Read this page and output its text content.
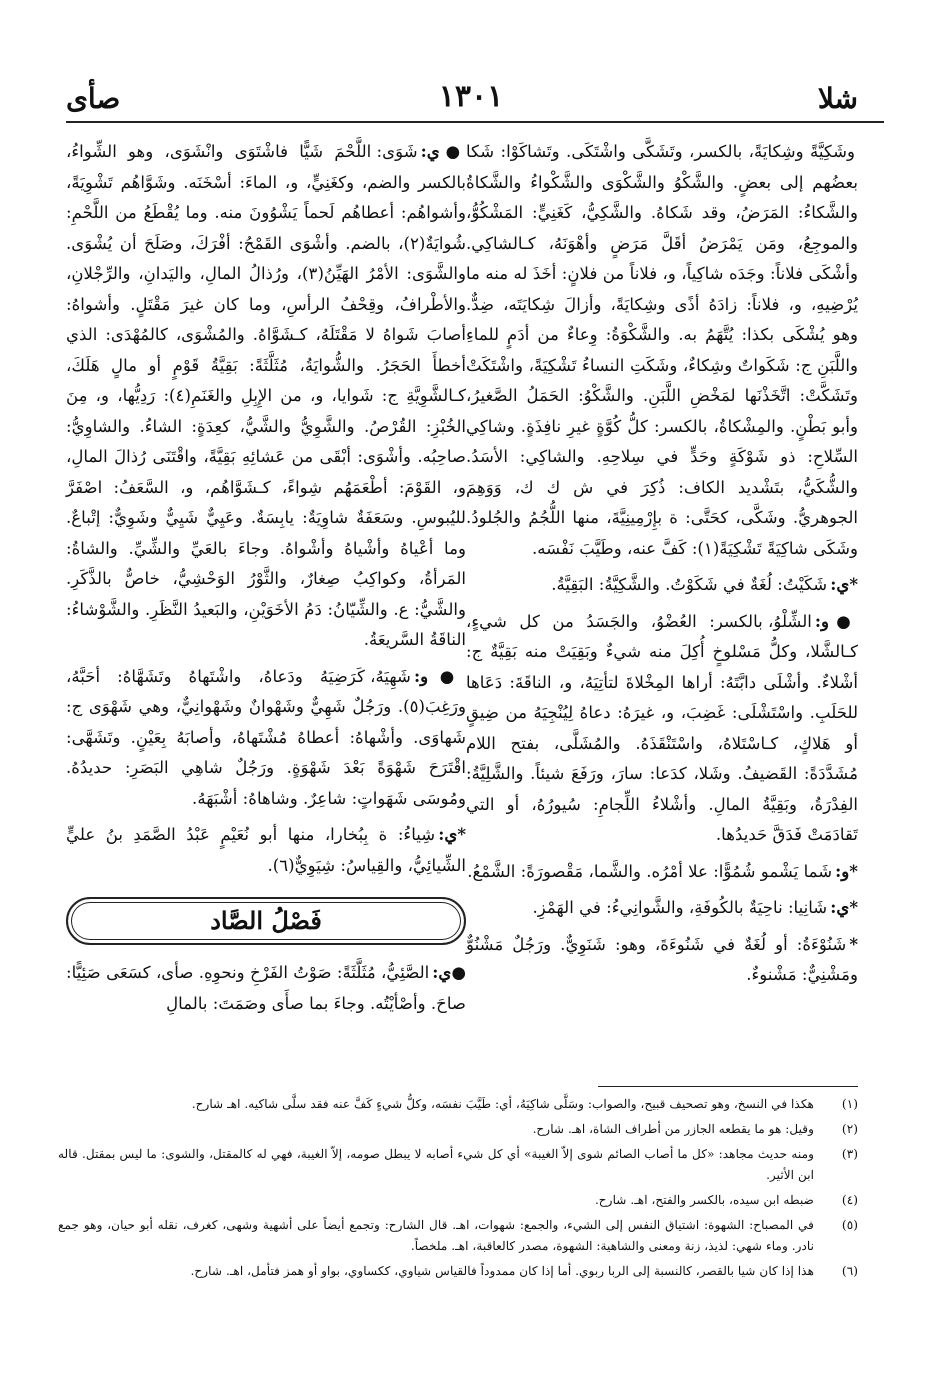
شلا
١٣٠١
صأى

وشَكِيَّةً وشِكايَةً، بالكسر، وتَشَكَّى واشْتَكَى. وتَشاكَوْا: شَكا بعضُهم إلى بعضٍ. والشَّكْوُ والشَّكْوَى والشَّكْواءُ والشَّكاةُ والشَّكاءُ: المَرَضُ، وقد شَكاهُ. والشَّكِيُّ، كَغَنِيٍّ: المَشْكُوُّ، والموجِعُ، ومَن يَمْرَضُ أقَلَّ مَرَضٍ وأهْوَنَهُ، كـالشاكِي. وأشْكَى فلاناً: وجَدَه شاكِياً، و، فلاناً من فلانٍ: أخَذَ له منه ما يُرْضِيهِ، و، فلاناً: زادَهُ أذًى وشِكايَةً، وأزالَ شِكايَتَه، ضِدٌّ. وهو يُشْكَى بكذا: يُتَّهَمُ به. والشَّكْوَةُ: وِعاءٌ من أدَمٍ للماءِ واللَّبَنِ ج: شَكَواتٌ وشِكاءٌ، وشَكَتِ النساءُ تَشْكِيَةً، واشْتَكَتْ وتَشَكَّتْ: اتَّخَذْنَها لمَخْضِ اللَّبَنِ. والشَّكْوُ: الحَمَلُ الصَّغيرُ، وأبو بَطْنٍ. والمِشْكاةُ، بالكسر: كلُّ كُوَّةٍ غيرِ نافِذَةٍ. وشاكِي السِّلاحِ: ذو شَوْكَةٍ وحَدٍّ في سِلاحِهِ. والشاكِي: الأسَدُ. والشُّكَيُّ، بتَشْديد الكاف: ذُكِرَ في ش ك ك، وَوَهِمَ الجوهريُّ. وشَكَّى، كحَتَّى: ة بإِرْمِينِيَّةَ، منها اللُّجُمُ والجُلودُ. وشَكَى شاكِيَةً تَشْكِيَةً(١): كَفَّ عنه، وطَيَّبَ نَفْسَه.

*ي:شَكَيْتُ: لُغَةٌ في شَكَوْتُ. والشَّكِيَّةُ: البَقِيَّةُ.

●و:الشِّلْوُ، بالكسر: العُضْوُ، والجَسَدُ من كل شيءٍ، كـالشَّلا، وكلُّ مَسْلوخٍ أُكِلَ منه شيءٌ وبَقِيَتْ منه بَقِيَّةٌ ج: أشْلاءٌ. وأشْلَى دابَّتَهُ: أراها المِخْلاةَ لتأتِيَهُ، و، الناقَةَ: دَعَاها للحَلَبِ. واسْتَشْلَى: غَضِبَ، و، غيرَهُ: دعاهُ لِيُنْجِيَهُ من ضِيقٍ أو هَلاكٍ، كـاسْتَلاهُ، واسْتَنْقَذَهُ. والمُشَلَّى، بفتح اللام مُشَدَّدَةً: القَضيفُ. وشَلا، كدَعا: سارَ، ورَفَعَ شيئاً. والشَّلِيَّةُ: الفِدْرَةُ، وبَقِيَّةُ المالِ. وأشْلاءُ اللِّجامِ: سُيورُهُ، أو التي تَقادَمَتْ فَدَقَّ حَديدُها.

*و:شَما يَشْمو شُمُوًّا: علا أمْرُه. والشَّما، مَقْصورَةً: الشَّمْعُ.

*ي:شَانِيا: ناحِيَةٌ بالكُوفَةِ، والشَّوانِيءُ: في الهَمْزِ.

*شَنُوْءَةُ: أو لُغَةٌ في شَنُوءَةَ، وهو: شَنَوِيٌّ. ورَجُلٌ مَشْنُوٌّ ومَشْنِيٌّ: مَشْنوءٌ.

●ي:شَوَى: اللَّحْمَ شَيًّا فاشْتَوَى وانْشَوَى، وهو الشِّواءُ، بالكسر والضم، وكغَنِيٍّ، و، الماءَ: أسْخَنَه. وشَوَّاهُم تَشْوِيَةً، وأشواهُم: أعطاهُم لَحماً يَشْوُونَ منه. وما يُقْطَعُ من اللَّحْمِ: شُوايَةٌ(٢)، بالضم. وأشْوَى القَمْحُ: أفْرَكَ، وصَلَحَ أن يُشْوَى. والشَّوَى: الأمْرُ الهَيِّنُ(٣)، ورُذالُ المالِ، واليَدانِ، والرِّجْلانِ، والأطْرافُ، وقِحْفُ الرأسِ، وما كان غيرَ مَقْتَلٍ. وأشواهُ: أصابَ شَواهُ لا مَقْتَلَهُ، كـشَوَّاهُ. والمُشْوَى، كالمُهْدَى: الذي أخطأَ الحَجَرُ. والشُّوايَةُ، مُثَلَّثَةً: بَقِيَّةُ قَوْمٍ أو مالٍ هَلَكَ، كـالشَّوِيَّةِ ج: شَوايا، و، من الإِبِلِ والغَنَمِ(٤): رَدِيُّها، و، مِنَ الخُبْزِ: القُرْصُ. والشَّوِيُّ والشَّيُّ، كعِدَةٍ: الشاءُ. والشاوِيُّ: صاحِبُه. وأشْوَى: أبْقَى من عَشائِهِ بَقِيَّةً، واقْتَنَى رُذالَ المالِ، و، القَوْمَ: أطْعَمَهُم شِواءً، كـشَوَّاهُم، و، السَّعَفُ: اصْفَرَّ لليُبوسِ. وسَعَفَةٌ شاوِيَةٌ: يابِسَةٌ. وعَيِيٌّ شَيِيٌّ وشَوِيٌّ: إتْباعٌ. وما أعْياهُ وأشْياهُ وأشْواهُ. وجاءَ بالعَيِّ والشِّيِّ. والشاةُ: المَرأةُ، وكواكِبُ صِغارٌ، والثَّوْرُ الوَحْشِيُّ، خاصٌّ بالذَّكَرِ. والشَّيُّ: ع. والشِّيّانُ: دَمُ الأخَوَيْنِ، والبَعيدُ النَّظَرِ. والشَّوْشاءُ: الناقَةُ السَّريعَةُ.

●و:شَهِيَهُ، كَرَضِيَهُ ودَعاهُ، واشْتَهاهُ وتَشَهَّاهُ: أحَبَّهُ، ورَغِبَ(٥). ورَجُلٌ شَهِيٌّ وشَهْوانٌ وشَهْوانِيٌّ، وهي شَهْوَى ج: شَهاوَى. وأشْهاهُ: أعطاهُ مُشْتَهاهُ، وأصابَهُ بِعَيْنٍ. وتَشَهَّى: اقْتَرَحَ شَهْوَةً بَعْدَ شَهْوَةٍ. ورَجُلٌ شاهِي البَصَرِ: حديدُهُ. ومُوسَى شَهَواتٍ: شاعِرٌ. وشاهاهُ: أشْبَهَهُ.

*ي:شِياءُ: ة بِبُخارا، منها أبو نُعَيْمٍ عَبْدُ الصَّمَدِ بنُ عليٍّ الشِّيائِيُّ، والقِياسُ: شِيَوِيٌّ(٦).

فَصْلُ الصَّاد

●ي:الصَّئِيُّ، مُثَلَّثَةً: صَوْتُ الفَرْخِ ونحوِهِ. صأى، كسَعَى صَئِيًّا: صاحَ. وأصْأيْتُه. وجاءَ بما صأَى وصَمَتَ: بالمالِ

(١)
هكذا في النسخ، وهو تصحيف قبيح، والصواب: وسَلَّى شاكِيَهُ، أي: طَيَّبَ نفسَه، وكلُّ شيءٍ كَفَّ عنه فقد سلَّى شاكيه. اهـ شارح.
(٢)
وقيل: هو ما يقطعه الجازر من أطراف الشاة، اهـ. شارح.
(٣)
ومنه حديث مجاهد: «كل ما أصاب الصائم شوى إلاّ الغيبة» أي كل شيء أصابه لا يبطل صومه، إلاّ الغيبة، فهي له كالمقتل، والشوى: ما ليس بمقتل. قاله ابن الأثير.
(٤)
ضبطه ابن سيده، بالكسر والفتح، اهـ. شارح.
(٥)
في المصباح: الشهوة: اشتياق النفس إلى الشيء، والجمع: شهوات، اهـ. قال الشارح: وتجمع أيضاً على أشهية وشهى، كغرف، نقله أبو حيان، وهو جمع نادر. وماء شهي: لذيذ، زنة ومعنى والشاهية: الشهوة، مصدر كالعاقبة، اهـ. ملخصاً.
(٦)
هذا إذا كان شيا بالقصر، كالنسبة إلى الربا ربوي. أما إذا كان ممدوداً فالقياس شياوي، ككساوي، بواو أو همز فتأمل، اهـ. شارح.
